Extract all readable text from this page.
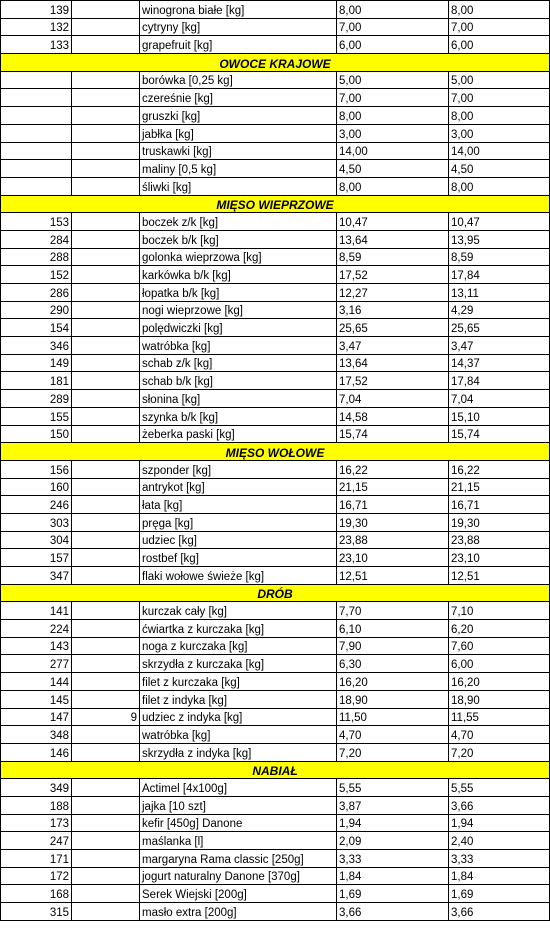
139		winogrona białe [kg]	8,00	8,00
132		cytryny [kg]	7,00	7,00
133		grapefruit [kg]	6,00	6,00
OWOCE KRAJOWE				
		borówka [0,25 kg]	5,00	5,00
		czereśnie [kg]	7,00	7,00
		gruszki [kg]	8,00	8,00
		jabłka [kg]	3,00	3,00
		truskawki [kg]	14,00	14,00
		maliny [0,5 kg]	4,50	4,50
		śliwki [kg]	8,00	8,00
MIĘSO WIEPRZOWE				
153		boczek z/k [kg]	10,47	10,47
284		boczek b/k [kg]	13,64	13,95
288		golonka wieprzowa [kg]	8,59	8,59
152		karkówka b/k [kg]	17,52	17,84
286		łopatka b/k [kg]	12,27	13,11
290		nogi wieprzowe [kg]	3,16	4,29
154		polędwiczki [kg]	25,65	25,65
346		watróbka [kg]	3,47	3,47
149		schab z/k [kg]	13,64	14,37
181		schab b/k [kg]	17,52	17,84
289		słonina [kg]	7,04	7,04
155		szynka b/k [kg]	14,58	15,10
150		żeberka paski [kg]	15,74	15,74
MIĘSO WOŁOWE				
156		szponder [kg]	16,22	16,22
160		antrykot [kg]	21,15	21,15
246		łata [kg]	16,71	16,71
303		pręga [kg]	19,30	19,30
304		udziec [kg]	23,88	23,88
157		rostbef [kg]	23,10	23,10
347		flaki wołowe świeże [kg]	12,51	12,51
DRÓB				
141		kurczak cały [kg]	7,70	7,10
224		ćwiartka z kurczaka [kg]	6,10	6,20
143		noga z kurczaka [kg]	7,90	7,60
277		skrzydła z kurczaka [kg]	6,30	6,00
144		filet z kurczaka [kg]	16,20	16,20
145		filet z indyka [kg]	18,90	18,90
147	9	udziec z indyka [kg]	11,50	11,55
348		watróbka [kg]	4,70	4,70
146		skrzydła z indyka [kg]	7,20	7,20
NABIAŁ				
349		Actimel [4x100g]	5,55	5,55
188		jajka [10 szt]	3,87	3,66
173		kefir [450g] Danone	1,94	1,94
247		maślanka [l]	2,09	2,40
171		margaryna Rama classic [250g]	3,33	3,33
172		jogurt naturalny Danone [370g]	1,84	1,84
168		Serek Wiejski [200g]	1,69	1,69
315		masło extra [200g]	3,66	3,66
